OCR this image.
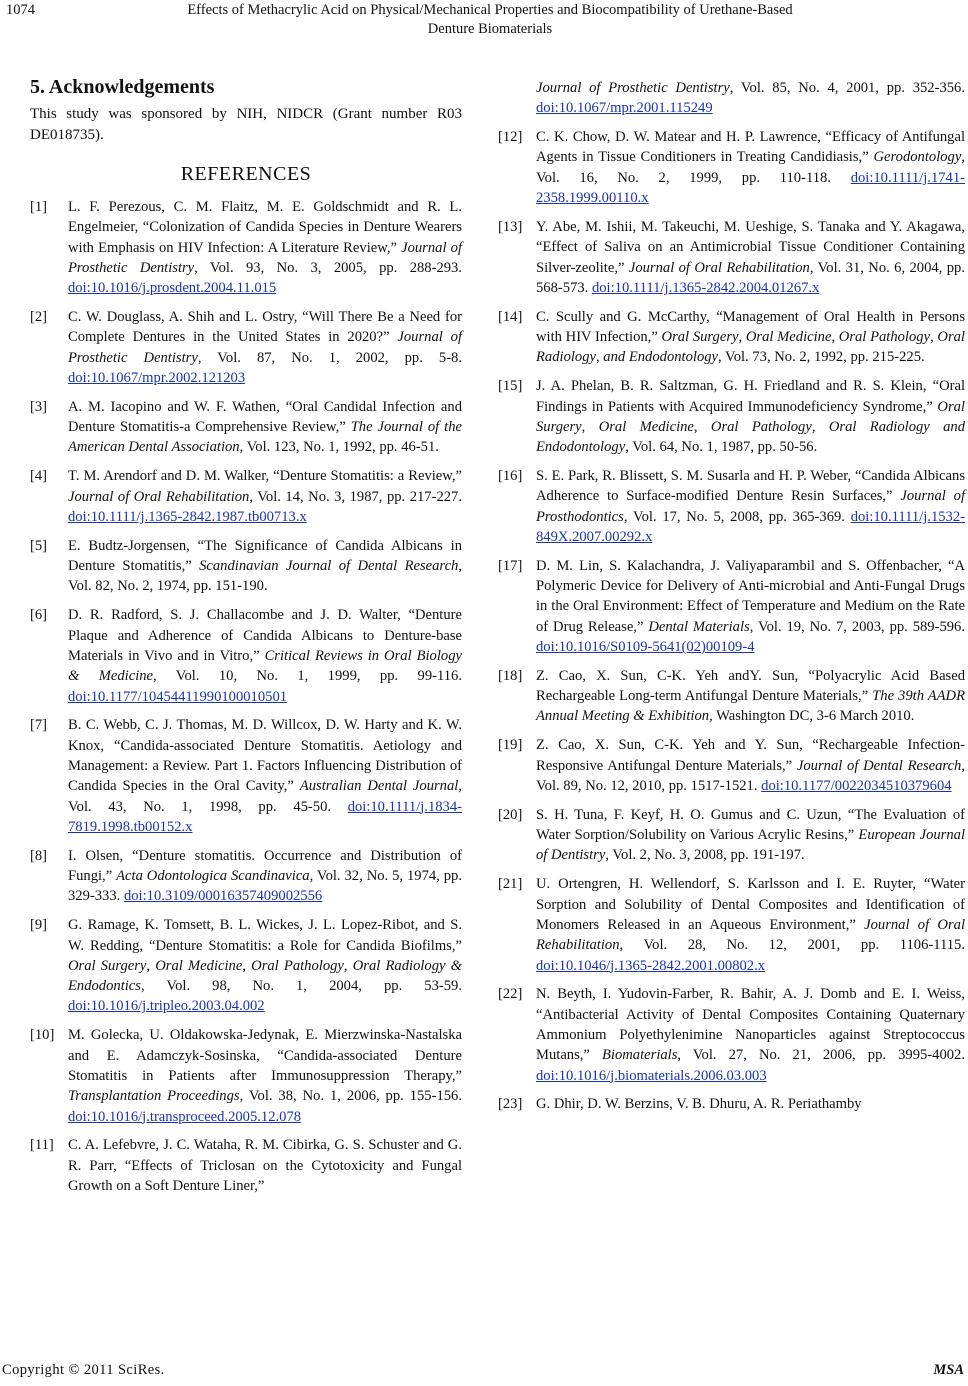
1074	Effects of Methacrylic Acid on Physical/Mechanical Properties and Biocompatibility of Urethane-Based
Denture Biomaterials
5. Acknowledgements

This study was sponsored by NIH, NIDCR (Grant number R03 DE018735).

REFERENCES
[1] L. F. Perezous, C. M. Flaitz, M. E. Goldschmidt and R. L. Engelmeier, “Colonization of Candida Species in Denture Wearers with Emphasis on HIV Infection: A Literature Review,” Journal of Prosthetic Dentistry, Vol. 93, No. 3, 2005, pp. 288-293. doi:10.1016/j.prosdent.2004.11.015
[2] C. W. Douglass, A. Shih and L. Ostry, “Will There Be a Need for Complete Dentures in the United States in 2020?” Journal of Prosthetic Dentistry, Vol. 87, No. 1, 2002, pp. 5-8. doi:10.1067/mpr.2002.121203
[3] A. M. Iacopino and W. F. Wathen, “Oral Candidal Infection and Denture Stomatitis-a Comprehensive Review,” The Journal of the American Dental Association, Vol. 123, No. 1, 1992, pp. 46-51.
[4] T. M. Arendorf and D. M. Walker, “Denture Stomatitis: a Review,” Journal of Oral Rehabilitation, Vol. 14, No. 3, 1987, pp. 217-227. doi:10.1111/j.1365-2842.1987.tb00713.x
[5] E. Budtz-Jorgensen, “The Significance of Candida Albicans in Denture Stomatitis,” Scandinavian Journal of Dental Research, Vol. 82, No. 2, 1974, pp. 151-190.
[6] D. R. Radford, S. J. Challacombe and J. D. Walter, “Denture Plaque and Adherence of Candida Albicans to Denture-base Materials in Vivo and in Vitro,” Critical Reviews in Oral Biology & Medicine, Vol. 10, No. 1, 1999, pp. 99-116. doi:10.1177/10454411990100010501
[7] B. C. Webb, C. J. Thomas, M. D. Willcox, D. W. Harty and K. W. Knox, “Candida-associated Denture Stomatitis. Aetiology and Management: a Review. Part 1. Factors Influencing Distribution of Candida Species in the Oral Cavity,” Australian Dental Journal, Vol. 43, No. 1, 1998, pp. 45-50. doi:10.1111/j.1834-7819.1998.tb00152.x
[8] I. Olsen, “Denture stomatitis. Occurrence and Distribution of Fungi,” Acta Odontologica Scandinavica, Vol. 32, No. 5, 1974, pp. 329-333. doi:10.3109/00016357409002556
[9] G. Ramage, K. Tomsett, B. L. Wickes, J. L. Lopez-Ribot, and S. W. Redding, “Denture Stomatitis: a Role for Candida Biofilms,” Oral Surgery, Oral Medicine, Oral Pathology, Oral Radiology & Endodontics, Vol. 98, No. 1, 2004, pp. 53-59. doi:10.1016/j.tripleo.2003.04.002
[10] M. Golecka, U. Oldakowska-Jedynak, E. Mierzwinska-Nastalska and E. Adamczyk-Sosinska, “Candida-associated Denture Stomatitis in Patients after Immunosuppression Therapy,” Transplantation Proceedings, Vol. 38, No. 1, 2006, pp. 155-156. doi:10.1016/j.transproceed.2005.12.078
[11] C. A. Lefebvre, J. C. Wataha, R. M. Cibirka, G. S. Schuster and G. R. Parr, “Effects of Triclosan on the Cytotoxicity and Fungal Growth on a Soft Denture Liner,”
Journal of Prosthetic Dentistry, Vol. 85, No. 4, 2001, pp. 352-356. doi:10.1067/mpr.2001.115249
[12] C. K. Chow, D. W. Matear and H. P. Lawrence, “Efficacy of Antifungal Agents in Tissue Conditioners in Treating Candidiasis,” Gerodontology, Vol. 16, No. 2, 1999, pp. 110-118. doi:10.1111/j.1741-2358.1999.00110.x
[13] Y. Abe, M. Ishii, M. Takeuchi, M. Ueshige, S. Tanaka and Y. Akagawa, “Effect of Saliva on an Antimicrobial Tissue Conditioner Containing Silver-zeolite,” Journal of Oral Rehabilitation, Vol. 31, No. 6, 2004, pp. 568-573. doi:10.1111/j.1365-2842.2004.01267.x
[14] C. Scully and G. McCarthy, “Management of Oral Health in Persons with HIV Infection,” Oral Surgery, Oral Medicine, Oral Pathology, Oral Radiology, and Endodontology, Vol. 73, No. 2, 1992, pp. 215-225.
[15] J. A. Phelan, B. R. Saltzman, G. H. Friedland and R. S. Klein, “Oral Findings in Patients with Acquired Immunodeficiency Syndrome,” Oral Surgery, Oral Medicine, Oral Pathology, Oral Radiology and Endodontology, Vol. 64, No. 1, 1987, pp. 50-56.
[16] S. E. Park, R. Blissett, S. M. Susarla and H. P. Weber, “Candida Albicans Adherence to Surface-modified Denture Resin Surfaces,” Journal of Prosthodontics, Vol. 17, No. 5, 2008, pp. 365-369. doi:10.1111/j.1532-849X.2007.00292.x
[17] D. M. Lin, S. Kalachandra, J. Valiyaparambil and S. Offenbacher, “A Polymeric Device for Delivery of Anti-microbial and Anti-Fungal Drugs in the Oral Environment: Effect of Temperature and Medium on the Rate of Drug Release,” Dental Materials, Vol. 19, No. 7, 2003, pp. 589-596. doi:10.1016/S0109-5641(02)00109-4
[18] Z. Cao, X. Sun, C-K. Yeh andY. Sun, “Polyacrylic Acid Based Rechargeable Long-term Antifungal Denture Materials,” The 39th AADR Annual Meeting & Exhibition, Washington DC, 3-6 March 2010.
[19] Z. Cao, X. Sun, C-K. Yeh and Y. Sun, “Rechargeable Infection-Responsive Antifungal Denture Materials,” Journal of Dental Research, Vol. 89, No. 12, 2010, pp. 1517-1521. doi:10.1177/0022034510379604
[20] S. H. Tuna, F. Keyf, H. O. Gumus and C. Uzun, “The Evaluation of Water Sorption/Solubility on Various Acrylic Resins,” European Journal of Dentistry, Vol. 2, No. 3, 2008, pp. 191-197.
[21] U. Ortengren, H. Wellendorf, S. Karlsson and I. E. Ruyter, “Water Sorption and Solubility of Dental Composites and Identification of Monomers Released in an Aqueous Environment,” Journal of Oral Rehabilitation, Vol. 28, No. 12, 2001, pp. 1106-1115. doi:10.1046/j.1365-2842.2001.00802.x
[22] N. Beyth, I. Yudovin-Farber, R. Bahir, A. J. Domb and E. I. Weiss, “Antibacterial Activity of Dental Composites Containing Quaternary Ammonium Polyethylenimine Nanoparticles against Streptococcus Mutans,” Biomaterials, Vol. 27, No. 21, 2006, pp. 3995-4002. doi:10.1016/j.biomaterials.2006.03.003
[23] G. Dhir, D. W. Berzins, V. B. Dhuru, A. R. Periathamby
Copyright © 2011 SciRes.	MSA
